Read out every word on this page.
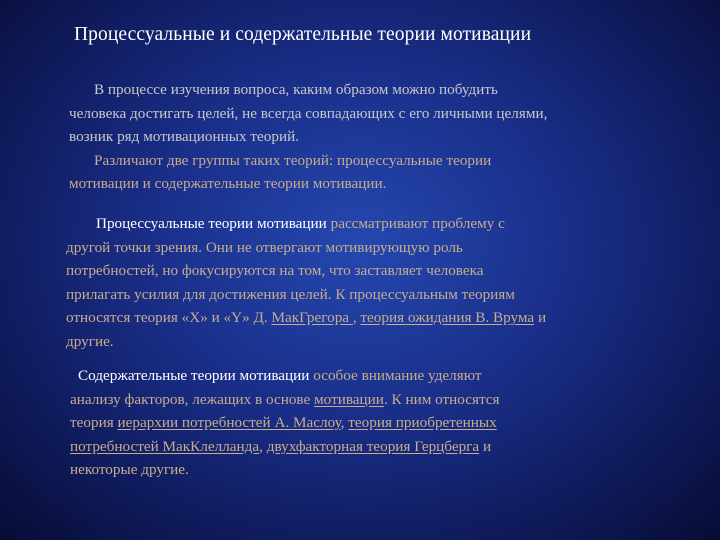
Процессуальные и содержательные теории мотивации
В процессе изучения вопроса, каким образом можно побудить
человека достигать целей, не всегда совпадающих с его личными целями,
возник ряд мотивационных теорий.
Различают две группы таких теорий: процессуальные теории
мотивации и содержательные теории мотивации.
Процессуальные теории мотивации рассматривают проблему с
другой точки зрения. Они не отвергают мотивирующую роль
потребностей, но фокусируются на том, что заставляет человека
прилагать усилия для достижения целей. К процессуальным теориям
относятся теория «X» и «Y» Д. МакГрегора , теория ожидания В. Врума и
другие.
Содержательные теории мотивации особое внимание уделяют
анализу факторов, лежащих в основе мотивации. К ним относятся
теория иерархии потребностей А. Маслоу, теория приобретенных
потребностей МакКлелланда, двухфакторная теория Герцберга и
некоторые другие.
